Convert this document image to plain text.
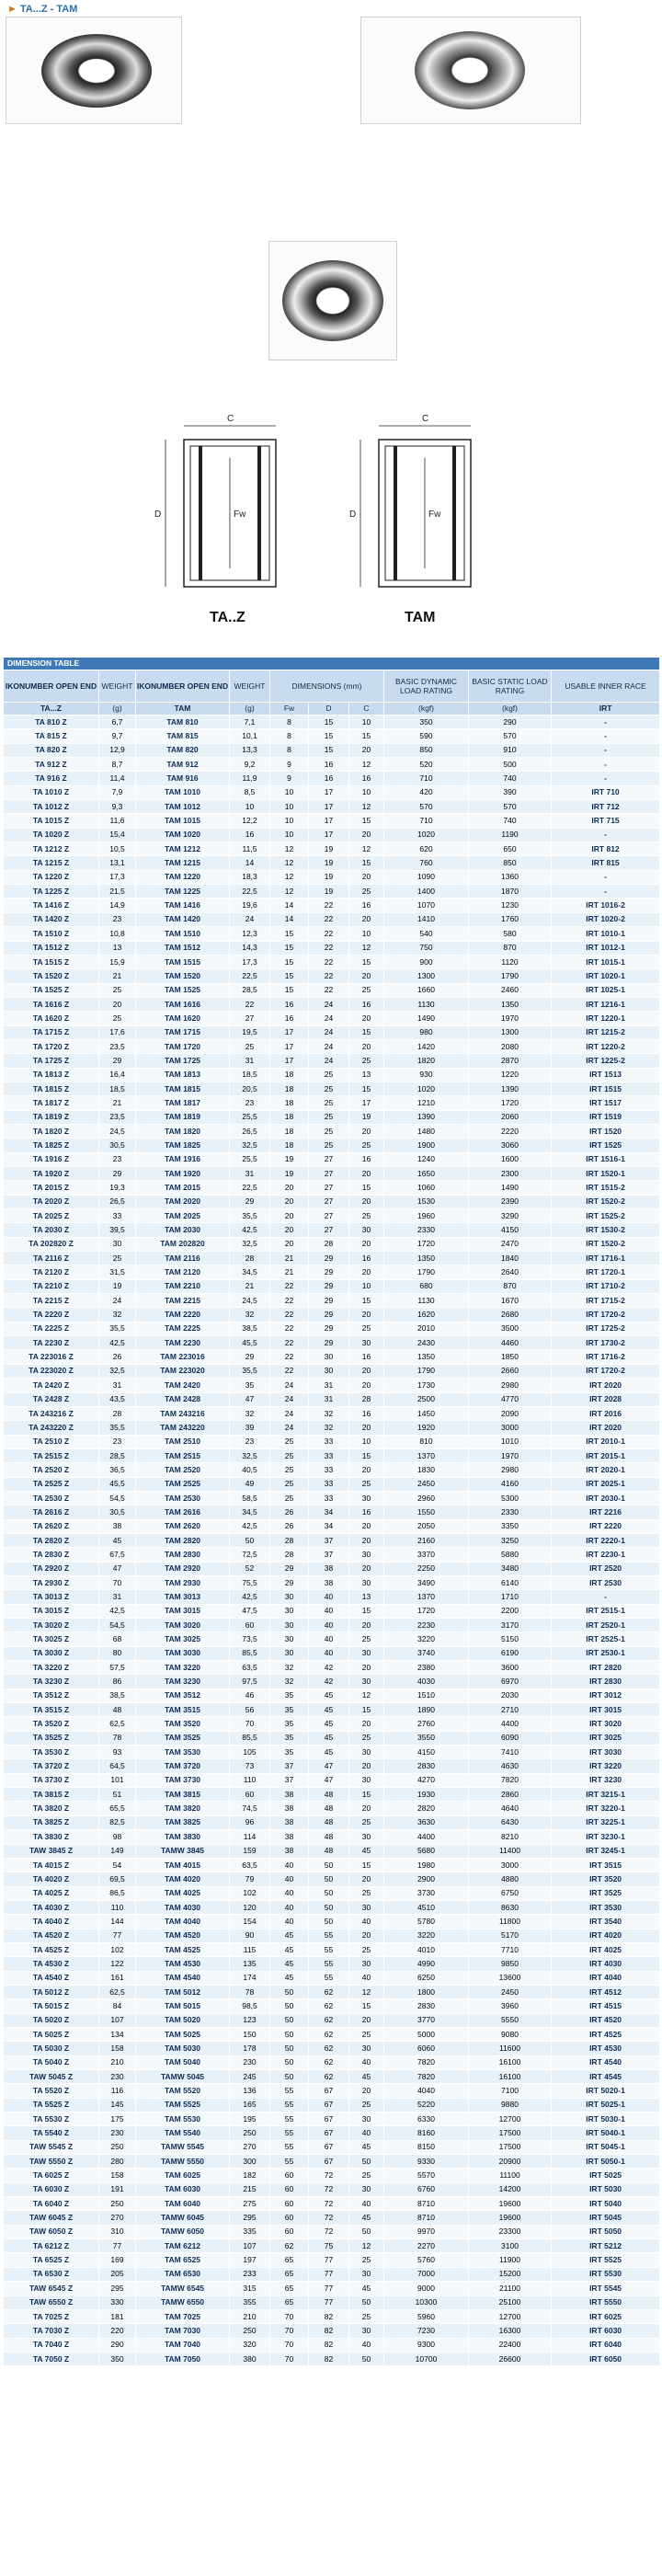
► TA...Z - TAM
C
D	Fw
C
D	Fw
TA..Z	TAM
DIMENSION TABLE									
IKONUMBER OPEN END	WEIGHT	IKONUMBER OPEN END	WEIGHT	DIMENSIONS (mm)			BASIC DYNAMIC LOAD RATING	BASIC STATIC LOAD RATING	USABLE INNER RACE
TA...Z	(g)	TAM	(g)	Fw	D	C	(kgf)	(kgf)	IRT
TA 810 Z	6,7	TAM 810	7,1	8	15	10	350	290	-
TA 815 Z	9,7	TAM 815	10,1	8	15	15	590	570	-
TA 820 Z	12,9	TAM 820	13,3	8	15	20	850	910	-
TA 912 Z	8,7	TAM 912	9,2	9	16	12	520	500	-
TA 916 Z	11,4	TAM 916	11,9	9	16	16	710	740	-
TA 1010 Z	7,9	TAM 1010	8,5	10	17	10	420	390	IRT 710
TA 1012 Z	9,3	TAM 1012	10	10	17	12	570	570	IRT 712
TA 1015 Z	11,6	TAM 1015	12,2	10	17	15	710	740	IRT 715
TA 1020 Z	15,4	TAM 1020	16	10	17	20	1020	1190	-
TA 1212 Z	10,5	TAM 1212	11,5	12	19	12	620	650	IRT 812
TA 1215 Z	13,1	TAM 1215	14	12	19	15	760	850	IRT 815
TA 1220 Z	17,3	TAM 1220	18,3	12	19	20	1090	1360	-
TA 1225 Z	21,5	TAM 1225	22,5	12	19	25	1400	1870	-
TA 1416 Z	14,9	TAM 1416	19,6	14	22	16	1070	1230	IRT 1016-2
TA 1420 Z	23	TAM 1420	24	14	22	20	1410	1760	IRT 1020-2
TA 1510 Z	10,8	TAM 1510	12,3	15	22	10	540	580	IRT 1010-1
TA 1512 Z	13	TAM 1512	14,3	15	22	12	750	870	IRT 1012-1
TA 1515 Z	15,9	TAM 1515	17,3	15	22	15	900	1120	IRT 1015-1
TA 1520 Z	21	TAM 1520	22,5	15	22	20	1300	1790	IRT 1020-1
TA 1525 Z	25	TAM 1525	28,5	15	22	25	1660	2460	IRT 1025-1
TA 1616 Z	20	TAM 1616	22	16	24	16	1130	1350	IRT 1216-1
TA 1620 Z	25	TAM 1620	27	16	24	20	1490	1970	IRT 1220-1
TA 1715 Z	17,6	TAM 1715	19,5	17	24	15	980	1300	IRT 1215-2
TA 1720 Z	23,5	TAM 1720	25	17	24	20	1420	2080	IRT 1220-2
TA 1725 Z	29	TAM 1725	31	17	24	25	1820	2870	IRT 1225-2
TA 1813 Z	16,4	TAM 1813	18,5	18	25	13	930	1220	IRT 1513
TA 1815 Z	18,5	TAM 1815	20,5	18	25	15	1020	1390	IRT 1515
TA 1817 Z	21	TAM 1817	23	18	25	17	1210	1720	IRT 1517
TA 1819 Z	23,5	TAM 1819	25,5	18	25	19	1390	2060	IRT 1519
TA 1820 Z	24,5	TAM 1820	26,5	18	25	20	1480	2220	IRT 1520
TA 1825 Z	30,5	TAM 1825	32,5	18	25	25	1900	3060	IRT 1525
TA 1916 Z	23	TAM 1916	25,5	19	27	16	1240	1600	IRT 1516-1
TA 1920 Z	29	TAM 1920	31	19	27	20	1650	2300	IRT 1520-1
TA 2015 Z	19,3	TAM 2015	22,5	20	27	15	1060	1490	IRT 1515-2
TA 2020 Z	26,5	TAM 2020	29	20	27	20	1530	2390	IRT 1520-2
TA 2025 Z	33	TAM 2025	35,5	20	27	25	1960	3290	IRT 1525-2
TA 2030 Z	39,5	TAM 2030	42,5	20	27	30	2330	4150	IRT 1530-2
TA 202820 Z	30	TAM 202820	32,5	20	28	20	1720	2470	IRT 1520-2
TA 2116 Z	25	TAM 2116	28	21	29	16	1350	1840	IRT 1716-1
TA 2120 Z	31,5	TAM 2120	34,5	21	29	20	1790	2640	IRT 1720-1
TA 2210 Z	19	TAM 2210	21	22	29	10	680	870	IRT 1710-2
TA 2215 Z	24	TAM 2215	24,5	22	29	15	1130	1670	IRT 1715-2
TA 2220 Z	32	TAM 2220	32	22	29	20	1620	2680	IRT 1720-2
TA 2225 Z	35,5	TAM 2225	38,5	22	29	25	2010	3500	IRT 1725-2
TA 2230 Z	42,5	TAM 2230	45,5	22	29	30	2430	4460	IRT 1730-2
TA 223016 Z	26	TAM 223016	29	22	30	16	1350	1850	IRT 1716-2
TA 223020 Z	32,5	TAM 223020	35,5	22	30	20	1790	2660	IRT 1720-2
TA 2420 Z	31	TAM 2420	35	24	31	20	1730	2980	IRT 2020
TA 2428 Z	43,5	TAM 2428	47	24	31	28	2500	4770	IRT 2028
TA 243216 Z	28	TAM 243216	32	24	32	16	1450	2090	IRT 2016
TA 243220 Z	35,5	TAM 243220	39	24	32	20	1920	3000	IRT 2020
TA 2510 Z	23	TAM 2510	23	25	33	10	810	1010	IRT 2010-1
TA 2515 Z	28,5	TAM 2515	32,5	25	33	15	1370	1970	IRT 2015-1
TA 2520 Z	36,5	TAM 2520	40,5	25	33	20	1830	2980	IRT 2020-1
TA 2525 Z	45,5	TAM 2525	49	25	33	25	2450	4160	IRT 2025-1
TA 2530 Z	54,5	TAM 2530	58,5	25	33	30	2960	5300	IRT 2030-1
TA 2616 Z	30,5	TAM 2616	34,5	26	34	16	1550	2330	IRT 2216
TA 2620 Z	38	TAM 2620	42,5	26	34	20	2050	3350	IRT 2220
TA 2820 Z	45	TAM 2820	50	28	37	20	2160	3250	IRT 2220-1
TA 2830 Z	67,5	TAM 2830	72,5	28	37	30	3370	5880	IRT 2230-1
TA 2920 Z	47	TAM 2920	52	29	38	20	2250	3480	IRT 2520
TA 2930 Z	70	TAM 2930	75,5	29	38	30	3490	6140	IRT 2530
TA 3013 Z	31	TAM 3013	42,5	30	40	13	1370	1710	-
TA 3015 Z	42,5	TAM 3015	47,5	30	40	15	1720	2200	IRT 2515-1
TA 3020 Z	54,5	TAM 3020	60	30	40	20	2230	3170	IRT 2520-1
TA 3025 Z	68	TAM 3025	73,5	30	40	25	3220	5150	IRT 2525-1
TA 3030 Z	80	TAM 3030	85,5	30	40	30	3740	6190	IRT 2530-1
TA 3220 Z	57,5	TAM 3220	63,5	32	42	20	2380	3600	IRT 2820
TA 3230 Z	86	TAM 3230	97,5	32	42	30	4030	6970	IRT 2830
TA 3512 Z	38,5	TAM 3512	46	35	45	12	1510	2030	IRT 3012
TA 3515 Z	48	TAM 3515	56	35	45	15	1890	2710	IRT 3015
TA 3520 Z	62,5	TAM 3520	70	35	45	20	2760	4400	IRT 3020
TA 3525 Z	78	TAM 3525	85,5	35	45	25	3550	6090	IRT 3025
TA 3530 Z	93	TAM 3530	105	35	45	30	4150	7410	IRT 3030
TA 3720 Z	64,5	TAM 3720	73	37	47	20	2830	4630	IRT 3220
TA 3730 Z	101	TAM 3730	110	37	47	30	4270	7820	IRT 3230
TA 3815 Z	51	TAM 3815	60	38	48	15	1930	2860	IRT 3215-1
TA 3820 Z	65,5	TAM 3820	74,5	38	48	20	2820	4640	IRT 3220-1
TA 3825 Z	82,5	TAM 3825	96	38	48	25	3630	6430	IRT 3225-1
TA 3830 Z	98	TAM 3830	114	38	48	30	4400	8210	IRT 3230-1
TAW 3845 Z	149	TAMW 3845	159	38	48	45	5680	11400	IRT 3245-1
TA 4015 Z	54	TAM 4015	63,5	40	50	15	1980	3000	IRT 3515
TA 4020 Z	69,5	TAM 4020	79	40	50	20	2900	4880	IRT 3520
TA 4025 Z	86,5	TAM 4025	102	40	50	25	3730	6750	IRT 3525
TA 4030 Z	110	TAM 4030	120	40	50	30	4510	8630	IRT 3530
TA 4040 Z	144	TAM 4040	154	40	50	40	5780	11800	IRT 3540
TA 4520 Z	77	TAM 4520	90	45	55	20	3220	5170	IRT 4020
TA 4525 Z	102	TAM 4525	115	45	55	25	4010	7710	IRT 4025
TA 4530 Z	122	TAM 4530	135	45	55	30	4990	9850	IRT 4030
TA 4540 Z	161	TAM 4540	174	45	55	40	6250	13600	IRT 4040
TA 5012 Z	62,5	TAM 5012	78	50	62	12	1800	2450	IRT 4512
TA 5015 Z	84	TAM 5015	98,5	50	62	15	2830	3960	IRT 4515
TA 5020 Z	107	TAM 5020	123	50	62	20	3770	5550	IRT 4520
TA 5025 Z	134	TAM 5025	150	50	62	25	5000	9080	IRT 4525
TA 5030 Z	158	TAM 5030	178	50	62	30	6060	11600	IRT 4530
TA 5040 Z	210	TAM 5040	230	50	62	40	7820	16100	IRT 4540
TAW 5045 Z	230	TAMW 5045	245	50	62	45	7820	16100	IRT 4545
TA 5520 Z	116	TAM 5520	136	55	67	20	4040	7100	IRT 5020-1
TA 5525 Z	145	TAM 5525	165	55	67	25	5220	9880	IRT 5025-1
TA 5530 Z	175	TAM 5530	195	55	67	30	6330	12700	IRT 5030-1
TA 5540 Z	230	TAM 5540	250	55	67	40	8160	17500	IRT 5040-1
TAW 5545 Z	250	TAMW 5545	270	55	67	45	8150	17500	IRT 5045-1
TAW 5550 Z	280	TAMW 5550	300	55	67	50	9330	20900	IRT 5050-1
TA 6025 Z	158	TAM 6025	182	60	72	25	5570	11100	IRT 5025
TA 6030 Z	191	TAM 6030	215	60	72	30	6760	14200	IRT 5030
TA 6040 Z	250	TAM 6040	275	60	72	40	8710	19600	IRT 5040
TAW 6045 Z	270	TAMW 6045	295	60	72	45	8710	19600	IRT 5045
TAW 6050 Z	310	TAMW 6050	335	60	72	50	9970	23300	IRT 5050
TA 6212 Z	77	TAM 6212	107	62	75	12	2270	3100	IRT 5212
TA 6525 Z	169	TAM 6525	197	65	77	25	5760	11900	IRT 5525
TA 6530 Z	205	TAM 6530	233	65	77	30	7000	15200	IRT 5530
TAW 6545 Z	295	TAMW 6545	315	65	77	45	9000	21100	IRT 5545
TAW 6550 Z	330	TAMW 6550	355	65	77	50	10300	25100	IRT 5550
TA 7025 Z	181	TAM 7025	210	70	82	25	5960	12700	IRT 6025
TA 7030 Z	220	TAM 7030	250	70	82	30	7230	16300	IRT 6030
TA 7040 Z	290	TAM 7040	320	70	82	40	9300	22400	IRT 6040
TA 7050 Z	350	TAM 7050	380	70	82	50	10700	26600	IRT 6050
